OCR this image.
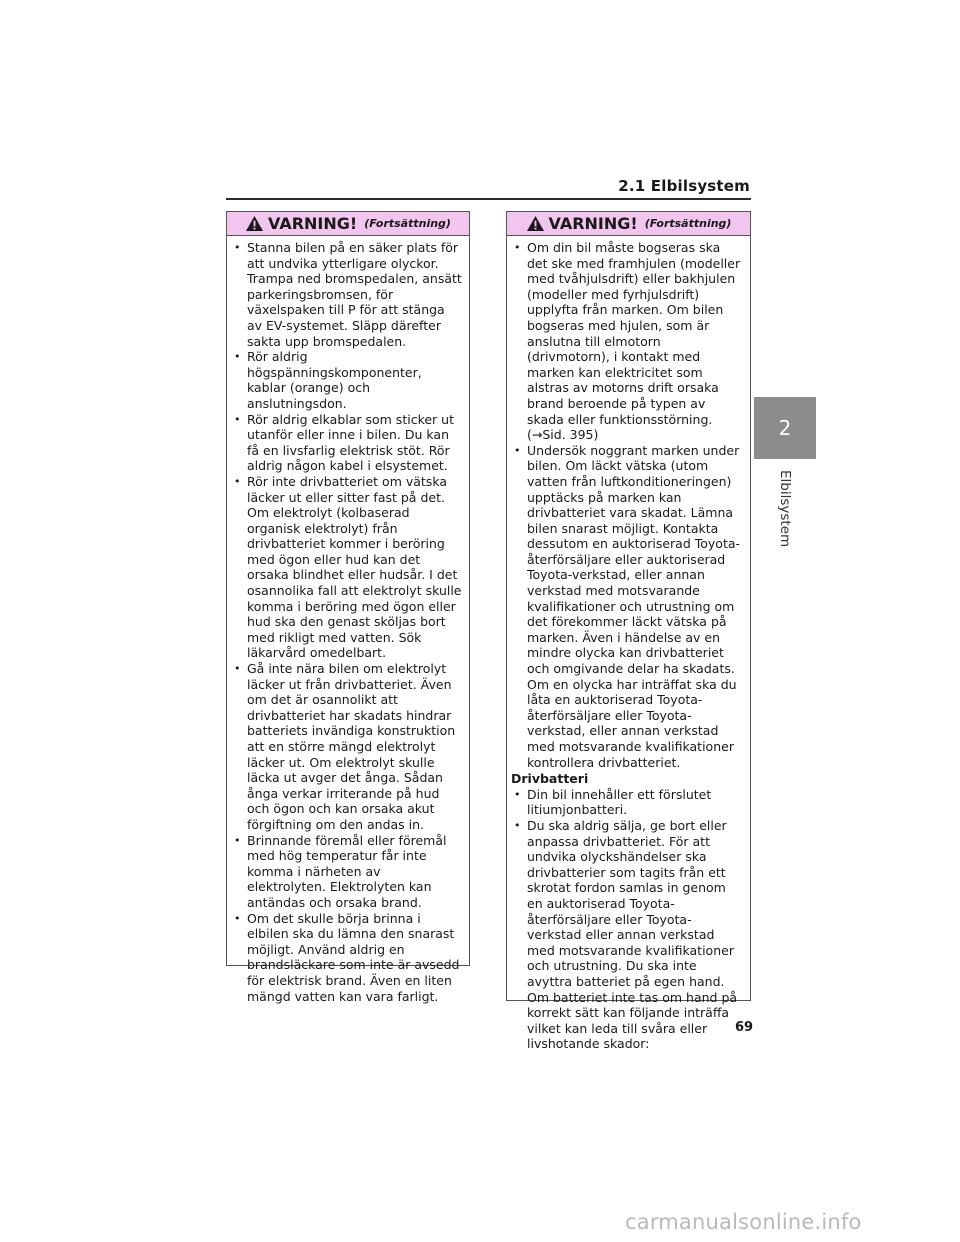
2.1 Elbilsystem
2
Elbilsystem
VARNING! (Fortsättning)
• Stanna bilen på en säker plats för att undvika ytterligare olyckor. Trampa ned bromspedalen, ansätt parkeringsbromsen, för växelspaken till P för att stänga av EV-systemet. Släpp därefter sakta upp bromspedalen.
• Rör aldrig högspänningskomponenter, kablar (orange) och anslutningsdon.
• Rör aldrig elkablar som sticker ut utanför eller inne i bilen. Du kan få en livsfarlig elektrisk stöt. Rör aldrig någon kabel i elsystemet.
• Rör inte drivbatteriet om vätska läcker ut eller sitter fast på det. Om elektrolyt (kolbaserad organisk elektrolyt) från drivbatteriet kommer i beröring med ögon eller hud kan det orsaka blindhet eller hudsår. I det osannolika fall att elektrolyt skulle komma i beröring med ögon eller hud ska den genast sköljas bort med rikligt med vatten. Sök läkarvård omedelbart.
• Gå inte nära bilen om elektrolyt läcker ut från drivbatteriet. Även om det är osannolikt att drivbatteriet har skadats hindrar batteriets invändiga konstruktion att en större mängd elektrolyt läcker ut. Om elektrolyt skulle läcka ut avger det ånga. Sådan ånga verkar irriterande på hud och ögon och kan orsaka akut förgiftning om den andas in.
• Brinnande föremål eller föremål med hög temperatur får inte komma i närheten av elektrolyten. Elektrolyten kan antändas och orsaka brand.
• Om det skulle börja brinna i elbilen ska du lämna den snarast möjligt. Använd aldrig en brandsläckare som inte är avsedd för elektrisk brand. Även en liten mängd vatten kan vara farligt.
VARNING! (Fortsättning)
• Om din bil måste bogseras ska det ske med framhjulen (modeller med tvåhjulsdrift) eller bakhjulen (modeller med fyrhjulsdrift) upplyfta från marken. Om bilen bogseras med hjulen, som är anslutna till elmotorn (drivmotorn), i kontakt med marken kan elektricitet som alstras av motorns drift orsaka brand beroende på typen av skada eller funktionsstörning. (→Sid. 395)
• Undersök noggrant marken under bilen. Om läckt vätska (utom vatten från luftkonditioneringen) upptäcks på marken kan drivbatteriet vara skadat. Lämna bilen snarast möjligt. Kontakta dessutom en auktoriserad Toyota-återförsäljare eller auktoriserad Toyota-verkstad, eller annan verkstad med motsvarande kvalifikationer och utrustning om det förekommer läckt vätska på marken. Även i händelse av en mindre olycka kan drivbatteriet och omgivande delar ha skadats. Om en olycka har inträffat ska du låta en auktoriserad Toyota-återförsäljare eller Toyota-verkstad, eller annan verkstad med motsvarande kvalifikationer kontrollera drivbatteriet.
Drivbatteri
• Din bil innehåller ett förslutet litiumjonbatteri.
• Du ska aldrig sälja, ge bort eller anpassa drivbatteriet. För att undvika olyckshändelser ska drivbatterier som tagits från ett skrotat fordon samlas in genom en auktoriserad Toyota-återförsäljare eller Toyota-verkstad eller annan verkstad med motsvarande kvalifikationer och utrustning. Du ska inte avyttra batteriet på egen hand. Om batteriet inte tas om hand på korrekt sätt kan följande inträffa vilket kan leda till svåra eller livshotande skador:
69
carmanualsonline.info
